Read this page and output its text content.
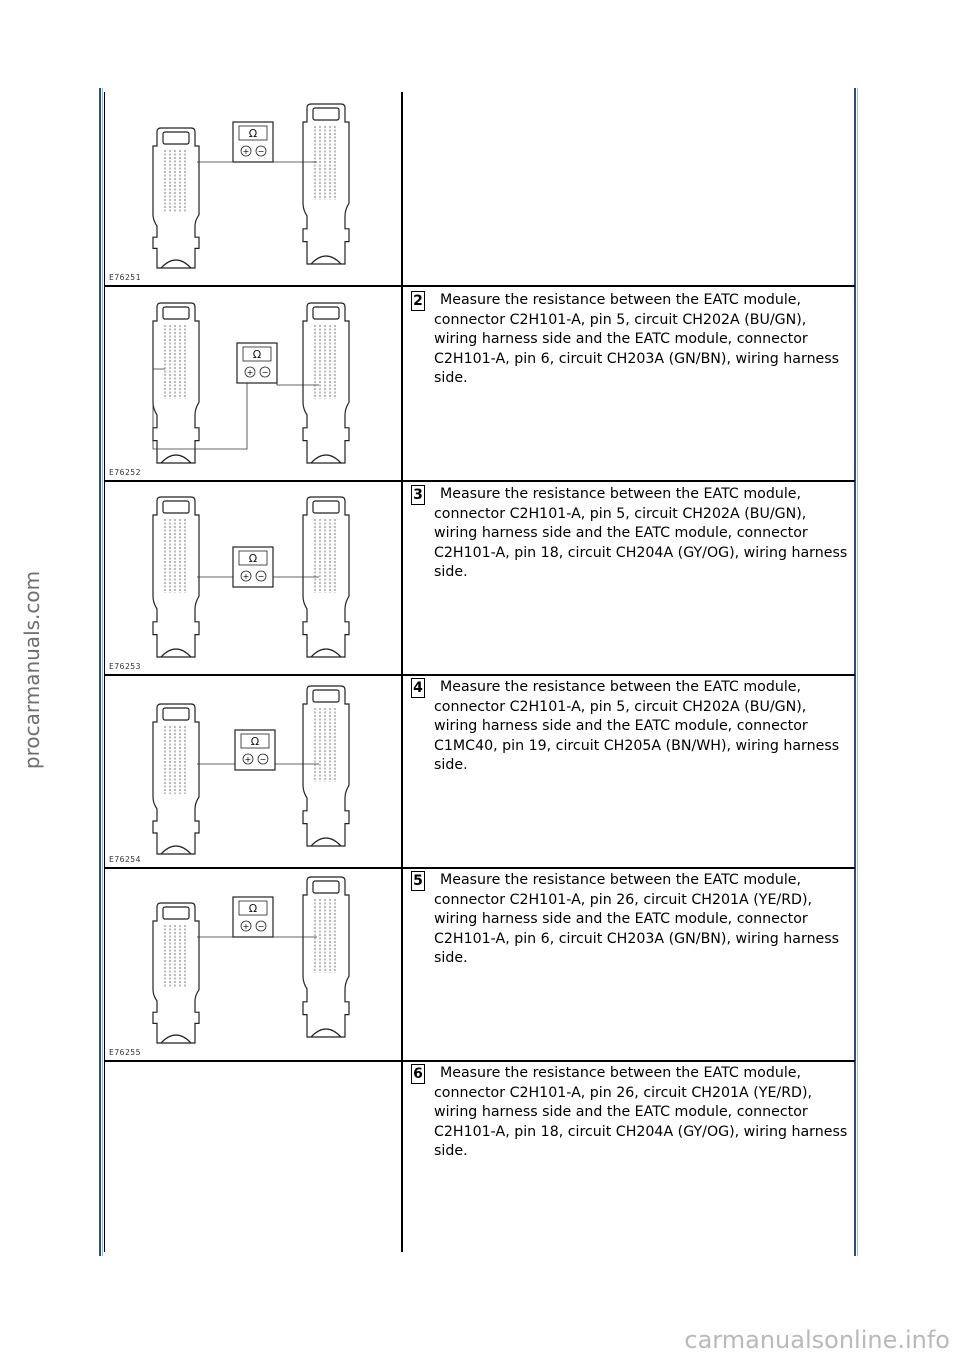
procarmanuals.com
carmanualsonline.info
Ω
+ −
E76251
Ω
+ −
E76252
2	Measure the resistance between the EATC module, connector C2H101-A, pin 5, circuit CH202A (BU/GN), wiring harness side and the EATC module, connector C2H101-A, pin 6, circuit CH203A (GN/BN), wiring harness side.
Ω
+ −
E76253
3	Measure the resistance between the EATC module, connector C2H101-A, pin 5, circuit CH202A (BU/GN), wiring harness side and the EATC module, connector C2H101-A, pin 18, circuit CH204A (GY/OG), wiring harness side.
Ω
+ −
E76254
4	Measure the resistance between the EATC module, connector C2H101-A, pin 5, circuit CH202A (BU/GN), wiring harness side and the EATC module, connector C1MC40, pin 19, circuit CH205A (BN/WH), wiring harness side.
Ω
+ −
E76255
5	Measure the resistance between the EATC module, connector C2H101-A, pin 26, circuit CH201A (YE/RD), wiring harness side and the EATC module, connector C2H101-A, pin 6, circuit CH203A (GN/BN), wiring harness side.
6	Measure the resistance between the EATC module, connector C2H101-A, pin 26, circuit CH201A (YE/RD), wiring harness side and the EATC module, connector C2H101-A, pin 18, circuit CH204A (GY/OG), wiring harness side.
